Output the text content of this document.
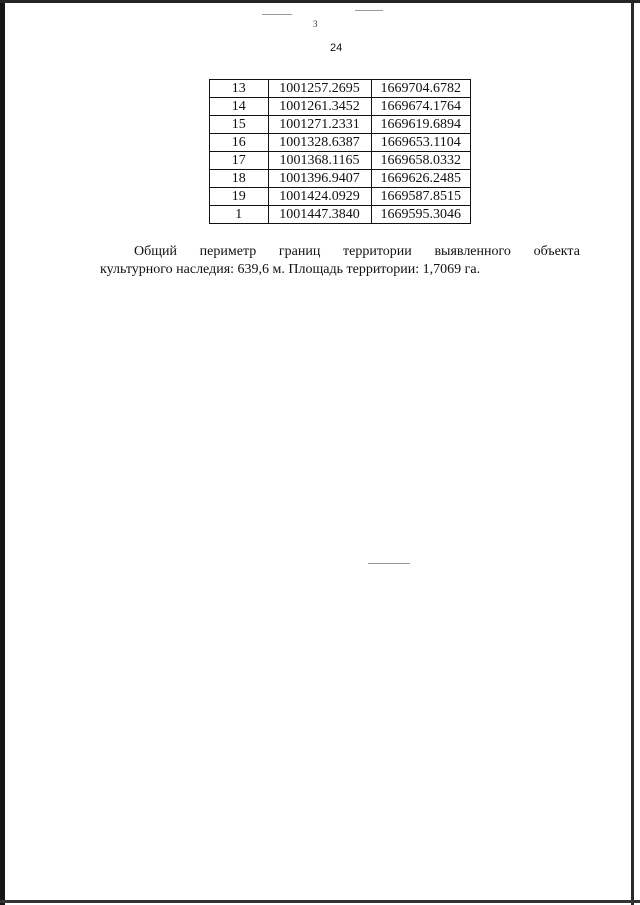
3
24
13	1001257.2695	1669704.6782
14	1001261.3452	1669674.1764
15	1001271.2331	1669619.6894
16	1001328.6387	1669653.1104
17	1001368.1165	1669658.0332
18	1001396.9407	1669626.2485
19	1001424.0929	1669587.8515
1	1001447.3840	1669595.3046
Общий периметр границ территории выявленного объекта
культурного наследия: 639,6 м. Площадь территории: 1,7069 га.
